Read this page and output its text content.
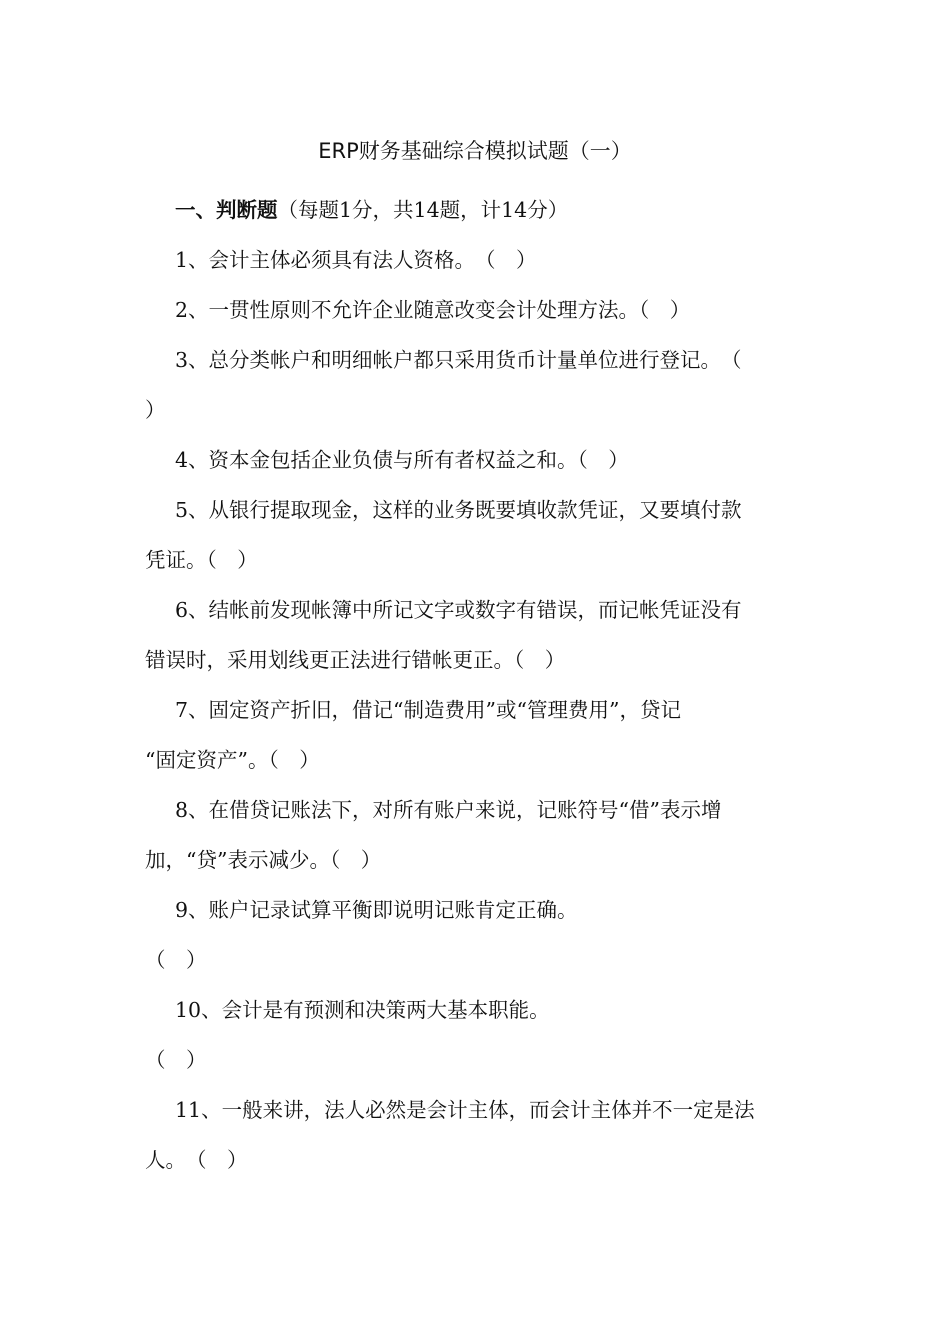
ERP财务基础综合模拟试题（一）
一、判断题（每题1分，共14题，计14分）
1、会计主体必须具有法人资格。　（　）
2、一贯性原则不允许企业随意改变会计处理方法。（　）
3、总分类帐户和明细帐户都只采用货币计量单位进行登记。　（
）
4、资本金包括企业负债与所有者权益之和。（　）
5、从银行提取现金，这样的业务既要填收款凭证，又要填付款
凭证。（　）
6、结帐前发现帐簿中所记文字或数字有错误，而记帐凭证没有
错误时，采用划线更正法进行错帐更正。（　）
7、固定资产折旧，借记“制造费用”或“管理费用”，贷记
“固定资产”。（　）
8、在借贷记账法下，对所有账户来说，记账符号“借”表示增
加，“贷”表示减少。（　）
9、账户记录试算平衡即说明记账肯定正确。
（　）
10、会计是有预测和决策两大基本职能。
（　）
11、一般来讲，法人必然是会计主体，而会计主体并不一定是法
人。　（　）
